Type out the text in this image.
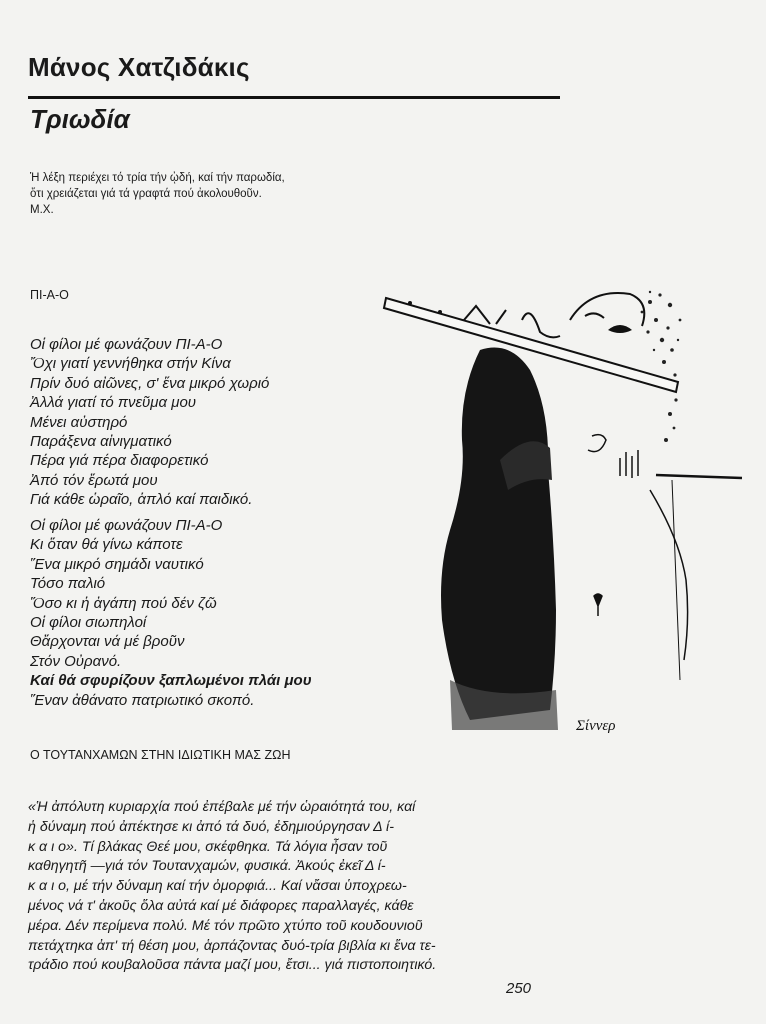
Μάνος Χατζιδάκις
Τριωδία
Ἡ λέξη περιέχει τό τρία τήν ᾠδή, καί τήν παρωδία,
ὅτι χρειάζεται γιά τά γραφτά πού ἀκολουθοῦν.
Μ.Χ.
ΠΙ-Α-Ο
Οἱ φίλοι μέ φωνάζουν ΠΙ-Α-Ο
Ὄχι γιατί γεννήθηκα στήν Κίνα
Πρίν δυό αἰῶνες, σ' ἕνα μικρό χωριό
Ἀλλά γιατί τό πνεῦμα μου
Μένει αὐστηρό
Παράξενα αἰνιγματικό
Πέρα γιά πέρα διαφορετικό
Ἀπό τόν ἔρωτά μου
Γιά κάθε ὡραῖο, ἁπλό καί παιδικό.
Οἱ φίλοι μέ φωνάζουν ΠΙ-Α-Ο
Κι ὅταν θά γίνω κάποτε
Ἕνα μικρό σημάδι ναυτικό
Τόσο παλιό
Ὅσο κι ἡ ἀγάπη πού δέν ζῶ
Οἱ φίλοι σιωπηλοί
Θἄρχονται νά μέ βροῦν
Στόν Οὐρανό.
Καί θά σφυρίζουν ξαπλωμένοι πλάι μου
Ἕναν ἀθάνατο πατριωτικό σκοπό.
Σίννερ
Ο ΤΟΥΤΑΝΧΑΜΩΝ ΣΤΗΝ ΙΔΙΩΤΙΚΗ ΜΑΣ ΖΩΗ
«Ἡ ἀπόλυτη κυριαρχία πού ἐπέβαλε μέ τήν ὡραιότητά του, καί
ἡ δύναμη πού ἀπέκτησε κι ἀπό τά δυό, ἐδημιούργησαν Δ ί-
κ α ι ο». Τί βλάκας Θεέ μου, σκέφθηκα. Τά λόγια ἦσαν τοῦ
καθηγητῆ —γιά τόν Τουτανχαμών, φυσικά. Ἀκούς ἐκεῖ Δ ί-
κ α ι ο, μέ τήν δύναμη καί τήν ὀμορφιά... Καί νἄσαι ὑποχρεω-
μένος νά τ' ἀκοῦς ὅλα αὐτά καί μέ διάφορες παραλλαγές, κάθε
μέρα. Δέν περίμενα πολύ. Μέ τόν πρῶτο χτύπο τοῦ κουδουνιοῦ
πετάχτηκα ἀπ' τή θέση μου, ἁρπάζοντας δυό-τρία βιβλία κι ἕνα τε-
τράδιο πού κουβαλοῦσα πάντα μαζί μου, ἔτσι... γιά πιστοποιητικό.
250
